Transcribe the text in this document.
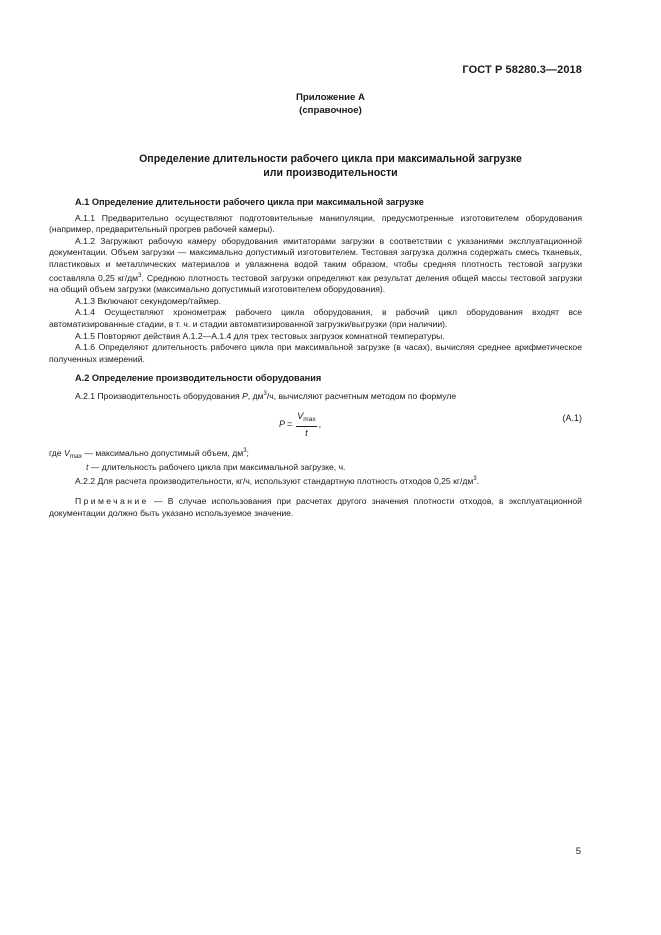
ГОСТ Р 58280.3—2018
Приложение А
(справочное)
Определение длительности рабочего цикла при максимальной загрузке
или производительности
А.1 Определение длительности рабочего цикла при максимальной загрузке

А.1.1 Предварительно осуществляют подготовительные манипуляции, предусмотренные изготовителем оборудования (например, предварительный прогрев рабочей камеры).

А.1.2 Загружают рабочую камеру оборудования имитаторами загрузки в соответствии с указаниями эксплуатационной документации. Объем загрузки — максимально допустимый изготовителем. Тестовая загрузка должна содержать смесь тканевых, пластиковых и металлических материалов и увлажнена водой таким образом, чтобы средняя плотность тестовой загрузки составляла 0,25 $кг/дм^3$. Среднюю плотность тестовой загрузки определяют как результат деления общей массы тестовой загрузки на общий объем загрузки (максимально допустимый изготовителем оборудования).

А.1.3 Включают секундомер/таймер.

А.1.4 Осуществляют хронометраж рабочего цикла оборудования, в рабочий цикл оборудования входят все автоматизированные стадии, в т. ч. и стадии автоматизированной загрузки/выгрузки (при наличии).

А.1.5 Повторяют действия А.1.2—А.1.4 для трех тестовых загрузок комнатной температуры.

А.1.6 Определяют длительность рабочего цикла при максимальной загрузке (в часах), вычисляя среднее арифметическое полученных измерений.

А.2 Определение производительности оборудования

А.2.1 Производительность оборудования P, $дм^3/ч$, вычисляют расчетным методом по формуле

$P = \frac{V_{max}}{t}$ ,
(А.1)

где $V_{max}$ — максимально допустимый объем, $дм^3$;

t — длительность рабочего цикла при максимальной загрузке, ч.

А.2.2 Для расчета производительности, кг/ч, используют стандартную плотность отходов 0,25 $кг/дм^3$.

Примечание — В случае использования при расчетах другого значения плотности отходов, в эксплуатационной документации должно быть указано используемое значение.

5
